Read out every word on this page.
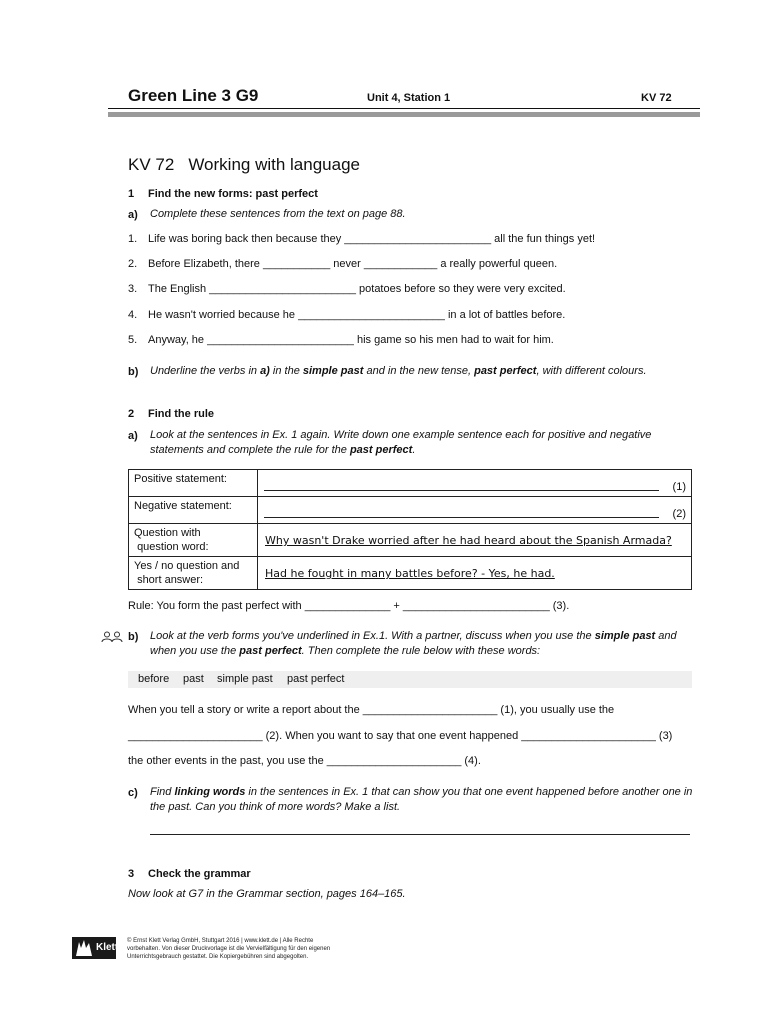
Green Line 3 G9	Unit 4, Station 1	KV 72
KV 72 Working with language
1 Find the new forms: past perfect
a) Complete these sentences from the text on page 88.
1. Life was boring back then because they ________________________ all the fun things yet!
2. Before Elizabeth, there ___________ never ____________ a really powerful queen.
3. The English ________________________ potatoes before so they were very excited.
4. He wasn't worried because he ________________________ in a lot of battles before.
5. Anyway, he ________________________ his game so his men had to wait for him.
b) Underline the verbs in a) in the simple past and in the new tense, past perfect, with different colours.
2 Find the rule
a) Look at the sentences in Ex. 1 again. Write down one example sentence each for positive and negative statements and complete the rule for the past perfect.
Positive statement:	(1)

Negative statement:	(2)

Question with
question word:	Why wasn't Drake worried after he had heard about the Spanish Armada?
Yes / no question and
short answer:	Had he fought in many battles before? - Yes, he had.
Rule: You form the past perfect with ______________ + ________________________ (3).
b) Look at the verb forms you've underlined in Ex.1. With a partner, discuss when you use the simple past and when you use the past perfect. Then complete the rule below with these words:
before past simple past past perfect
When you tell a story or write a report about the ______________________ (1), you usually use the
______________________ (2). When you want to say that one event happened ______________________ (3)
the other events in the past, you use the ______________________ (4).
c) Find linking words in the sentences in Ex. 1 that can show you that one event happened before another one in the past. Can you think of more words? Make a list.
3 Check the grammar
Now look at G7 in the Grammar section, pages 164–165.
Klett
© Ernst Klett Verlag GmbH, Stuttgart 2016 | www.klett.de | Alle Rechte vorbehalten. Von dieser Druckvorlage ist die Vervielfältigung für den eigenen Unterrichtsgebrauch gestattet. Die Kopiergebühren sind abgegolten.
